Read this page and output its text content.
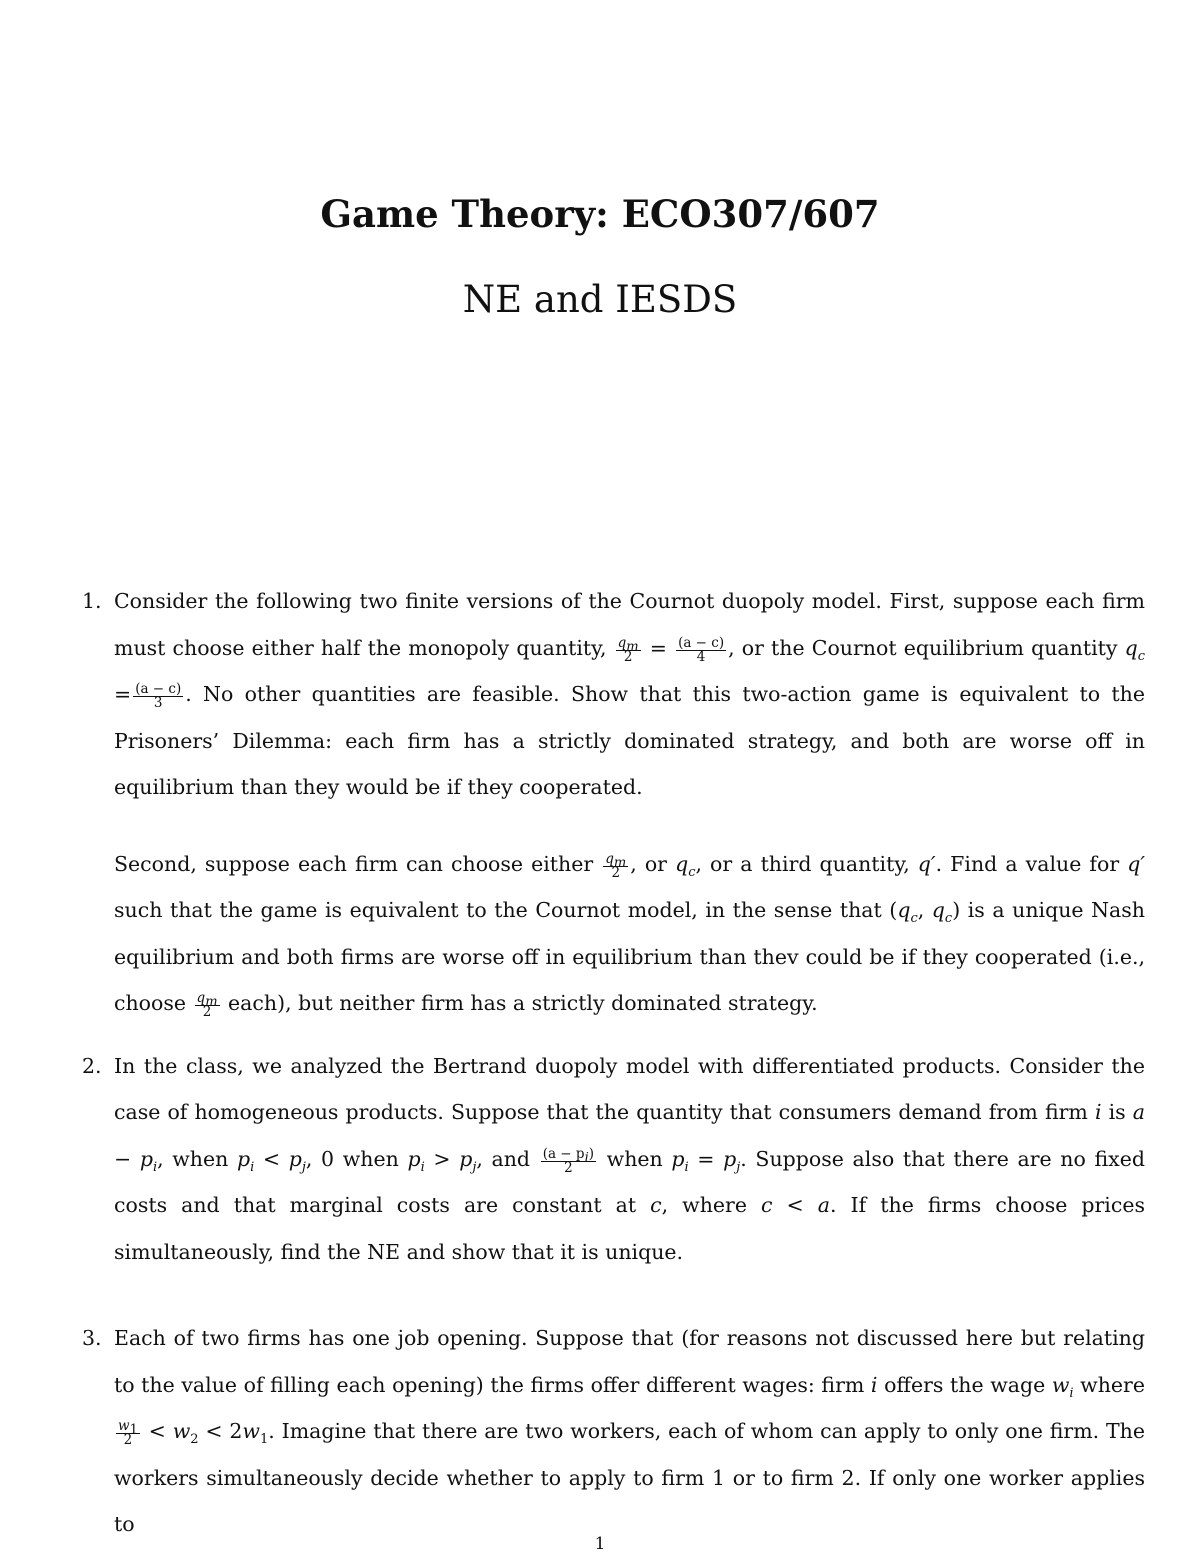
Game Theory: ECO307/607
NE and IESDS
1. Consider the following two finite versions of the Cournot duopoly model. First, suppose each firm must choose either half the monopoly quantity, $\frac{q_m}{2} = \frac{(a - c)}{4}$ , or the Cournot equilibrium quantity $q_c = \frac{(a - c)}{3}$ . No other quantities are feasible. Show that this two-action game is equivalent to the Prisoners’ Dilemma: each firm has a strictly dominated strategy, and both are worse off in equilibrium than they would be if they cooperated.

Second, suppose each firm can choose either $\frac{q_m}{2}$ , or $q_c$, or a third quantity, q′. Find a value for q′ such that the game is equivalent to the Cournot model, in the sense that ($q_c$, $q_c$) is a unique Nash equilibrium and both firms are worse off in equilibrium than thev could be if they cooperated (i.e., choose $\frac{q_m}{2}$ each), but neither firm has a strictly dominated strategy.

2. In the class, we analyzed the Bertrand duopoly model with differentiated products. Consider the case of homogeneous products. Suppose that the quantity that consumers demand from firm i is $a - p_i$, when $p_i < p_j$, 0 when $p_i > p_j$, and $\frac{(a - p_i)}{2}$ when $p_i = p_j$. Suppose also that there are no fixed costs and that marginal costs are constant at c, where c < a. If the firms choose prices simultaneously, find the NE and show that it is unique.

3. Each of two firms has one job opening. Suppose that (for reasons not discussed here but relating to the value of filling each opening) the firms offer different wages: firm i offers the wage $w_i$ where
$\frac{w_1}{2} < w_2 < 2w_1$. Imagine that there are two workers, each of whom can apply to only one firm. The workers simultaneously decide whether to apply to firm 1 or to firm 2. If only one worker applies to

1
